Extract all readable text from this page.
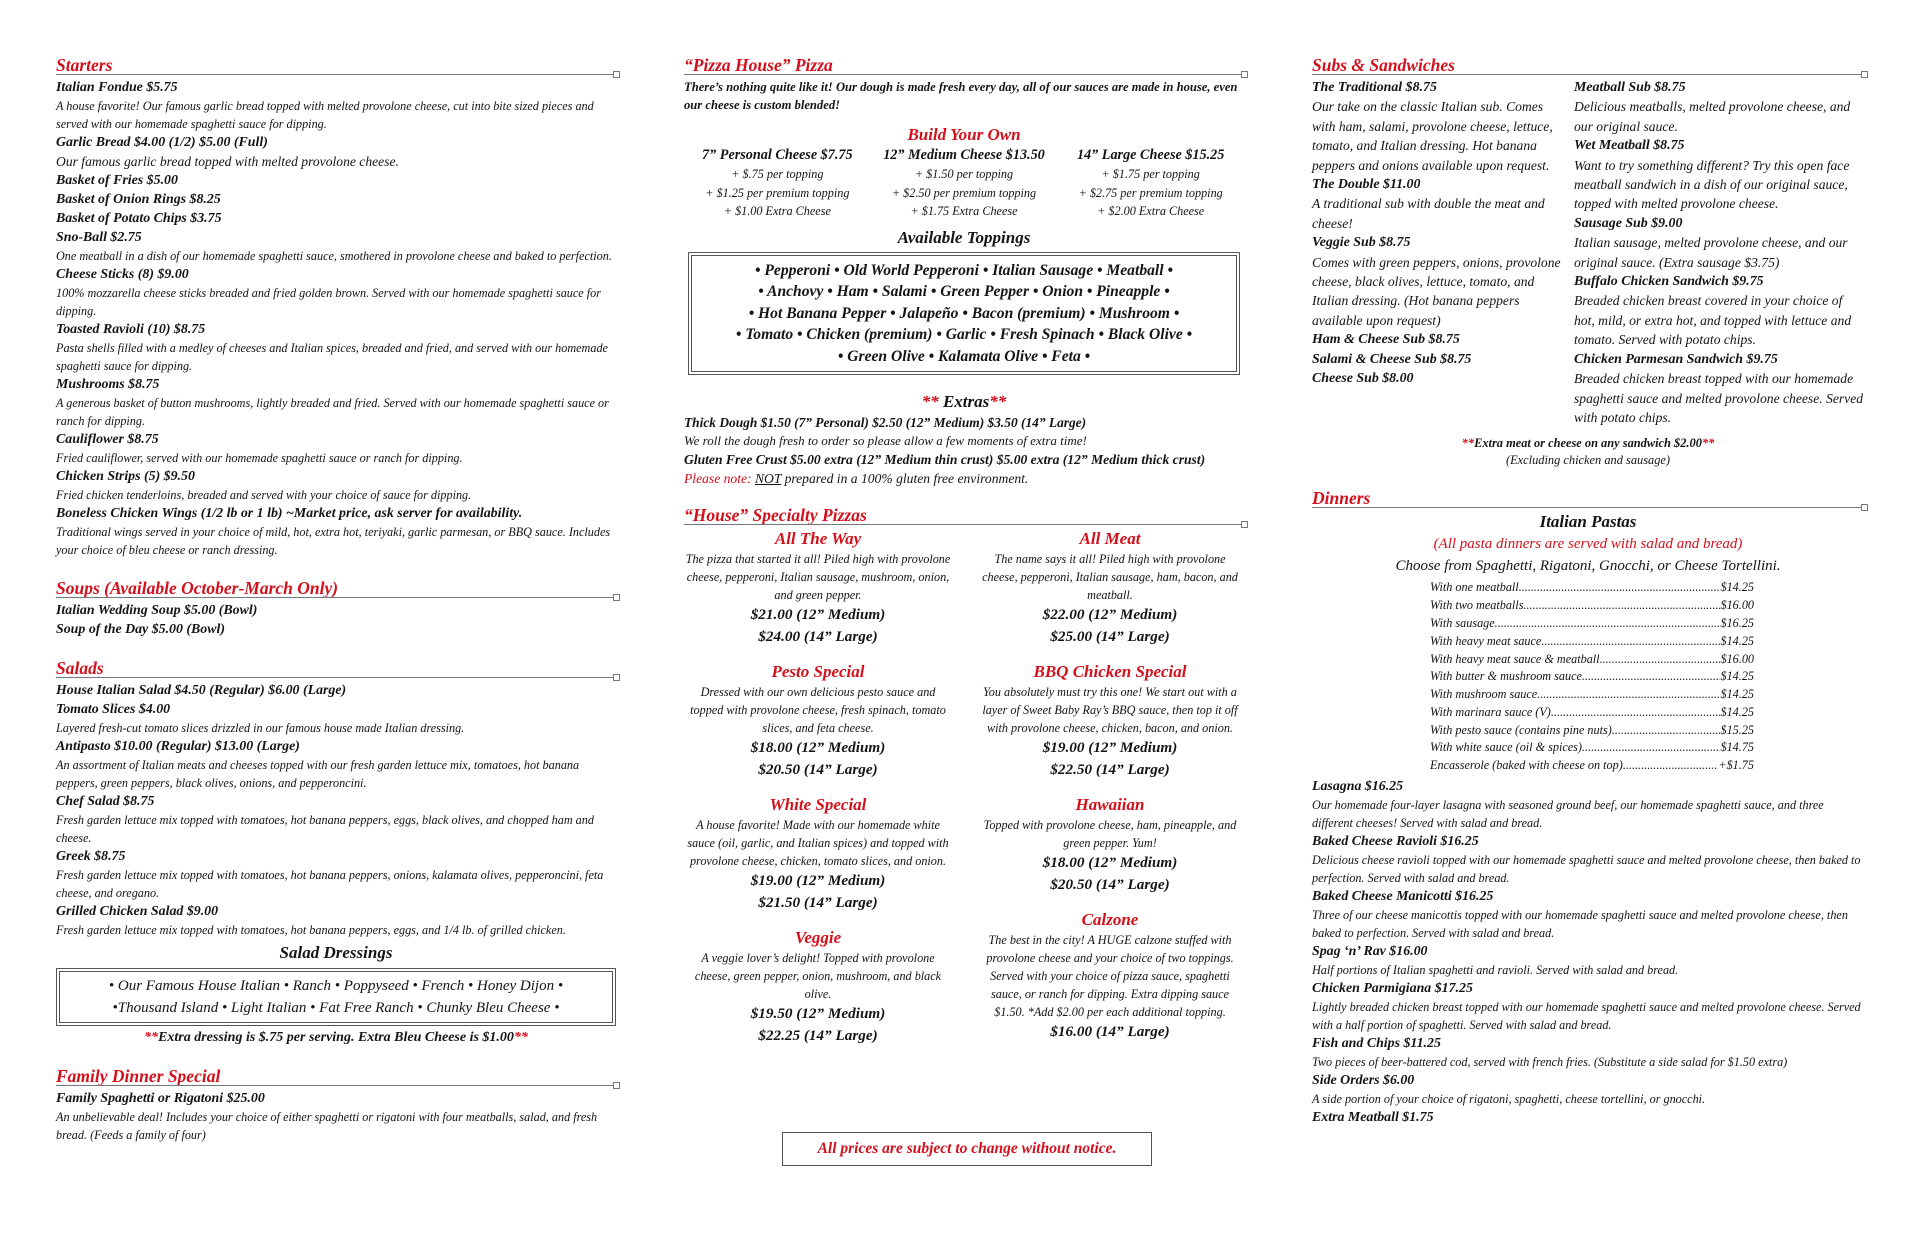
Starters
Italian Fondue $5.75
A house favorite! Our famous garlic bread topped with melted provolone cheese, cut into bite sized pieces and served with our homemade spaghetti sauce for dipping.
Garlic Bread $4.00 (1/2) $5.00 (Full)
Our famous garlic bread topped with melted provolone cheese.
Basket of Fries $5.00
Basket of Onion Rings $8.25
Basket of Potato Chips $3.75
Sno-Ball $2.75
One meatball in a dish of our homemade spaghetti sauce, smothered in provolone cheese and baked to perfection.
Cheese Sticks (8) $9.00
100% mozzarella cheese sticks breaded and fried golden brown. Served with our homemade spaghetti sauce for dipping.
Toasted Ravioli (10) $8.75
Pasta shells filled with a medley of cheeses and Italian spices, breaded and fried, and served with our homemade spaghetti sauce for dipping.
Mushrooms $8.75
A generous basket of button mushrooms, lightly breaded and fried. Served with our homemade spaghetti sauce or ranch for dipping.
Cauliflower $8.75
Fried cauliflower, served with our homemade spaghetti sauce or ranch for dipping.
Chicken Strips (5) $9.50
Fried chicken tenderloins, breaded and served with your choice of sauce for dipping.
Boneless Chicken Wings (1/2 lb or 1 lb) ~Market price, ask server for availability.
Traditional wings served in your choice of mild, hot, extra hot, teriyaki, garlic parmesan, or BBQ sauce. Includes your choice of bleu cheese or ranch dressing.
Soups (Available October-March Only)
Italian Wedding Soup $5.00 (Bowl)
Soup of the Day $5.00 (Bowl)
Salads
House Italian Salad $4.50 (Regular) $6.00 (Large)
Tomato Slices $4.00
Layered fresh-cut tomato slices drizzled in our famous house made Italian dressing.
Antipasto $10.00 (Regular) $13.00 (Large)
An assortment of Italian meats and cheeses topped with our fresh garden lettuce mix, tomatoes, hot banana peppers, green peppers, black olives, onions, and pepperoncini.
Chef Salad $8.75
Fresh garden lettuce mix topped with tomatoes, hot banana peppers, eggs, black olives, and chopped ham and cheese.
Greek $8.75
Fresh garden lettuce mix topped with tomatoes, hot banana peppers, onions, kalamata olives, pepperoncini, feta cheese, and oregano.
Grilled Chicken Salad $9.00
Fresh garden lettuce mix topped with tomatoes, hot banana peppers, eggs, and 1/4 lb. of grilled chicken.
Salad Dressings
• Our Famous House Italian • Ranch • Poppyseed • French • Honey Dijon •
•Thousand Island • Light Italian • Fat Free Ranch • Chunky Bleu Cheese •
**Extra dressing is $.75 per serving. Extra Bleu Cheese is $1.00**
Family Dinner Special
Family Spaghetti or Rigatoni $25.00
An unbelievable deal! Includes your choice of either spaghetti or rigatoni with four meatballs, salad, and fresh bread. (Feeds a family of four)
“Pizza House” Pizza
There’s nothing quite like it! Our dough is made fresh every day, all of our sauces are made in house, even our cheese is custom blended!
Build Your Own
7” Personal Cheese $7.75
+ $.75 per topping
+ $1.25 per premium topping
+ $1.00 Extra Cheese
12” Medium Cheese $13.50
+ $1.50 per topping
+ $2.50 per premium topping
+ $1.75 Extra Cheese
14” Large Cheese $15.25
+ $1.75 per topping
+ $2.75 per premium topping
+ $2.00 Extra Cheese
Available Toppings
• Pepperoni • Old World Pepperoni • Italian Sausage • Meatball •
• Anchovy • Ham • Salami • Green Pepper • Onion • Pineapple •
• Hot Banana Pepper • Jalapeño • Bacon (premium) • Mushroom •
• Tomato • Chicken (premium) • Garlic • Fresh Spinach • Black Olive •
• Green Olive • Kalamata Olive • Feta •
** Extras**
Thick Dough $1.50 (7” Personal) $2.50 (12” Medium) $3.50 (14” Large)
We roll the dough fresh to order so please allow a few moments of extra time!
Gluten Free Crust $5.00 extra (12” Medium thin crust) $5.00 extra (12” Medium thick crust) Please note: NOT prepared in a 100% gluten free environment.
“House” Specialty Pizzas
All The Way
The pizza that started it all! Piled high with provolone cheese, pepperoni, Italian sausage, mushroom, onion, and green pepper.
$21.00 (12” Medium)
$24.00 (14” Large)
Pesto Special
Dressed with our own delicious pesto sauce and topped with provolone cheese, fresh spinach, tomato slices, and feta cheese.
$18.00 (12” Medium)
$20.50 (14” Large)
White Special
A house favorite! Made with our homemade white sauce (oil, garlic, and Italian spices) and topped with provolone cheese, chicken, tomato slices, and onion.
$19.00 (12” Medium)
$21.50 (14” Large)
Veggie
A veggie lover’s delight! Topped with provolone cheese, green pepper, onion, mushroom, and black olive.
$19.50 (12” Medium)
$22.25 (14” Large)
All Meat
The name says it all! Piled high with provolone cheese, pepperoni, Italian sausage, ham, bacon, and meatball.
$22.00 (12” Medium)
$25.00 (14” Large)
BBQ Chicken Special
You absolutely must try this one! We start out with a layer of Sweet Baby Ray’s BBQ sauce, then top it off with provolone cheese, chicken, bacon, and onion.
$19.00 (12” Medium)
$22.50 (14” Large)
Hawaiian
Topped with provolone cheese, ham, pineapple, and green pepper. Yum!
$18.00 (12” Medium)
$20.50 (14” Large)
Calzone
The best in the city! A HUGE calzone stuffed with provolone cheese and your choice of two toppings. Served with your choice of pizza sauce, spaghetti sauce, or ranch for dipping. Extra dipping sauce $1.50. *Add $2.00 per each additional topping.
$16.00 (14” Large)
All prices are subject to change without notice.
Subs & Sandwiches
The Traditional $8.75
Our take on the classic Italian sub. Comes with ham, salami, provolone cheese, lettuce, tomato, and Italian dressing. Hot banana peppers and onions available upon request.
The Double $11.00
A traditional sub with double the meat and cheese!
Veggie Sub $8.75
Comes with green peppers, onions, provolone cheese, black olives, lettuce, tomato, and Italian dressing. (Hot banana peppers available upon request)
Ham & Cheese Sub $8.75
Salami & Cheese Sub $8.75
Cheese Sub $8.00
Meatball Sub $8.75
Delicious meatballs, melted provolone cheese, and our original sauce.
Wet Meatball $8.75
Want to try something different? Try this open face meatball sandwich in a dish of our original sauce, topped with melted provolone cheese.
Sausage Sub $9.00
Italian sausage, melted provolone cheese, and our original sauce. (Extra sausage $3.75)
Buffalo Chicken Sandwich $9.75
Breaded chicken breast covered in your choice of hot, mild, or extra hot, and topped with lettuce and tomato. Served with potato chips.
Chicken Parmesan Sandwich $9.75
Breaded chicken breast topped with our homemade spaghetti sauce and melted provolone cheese. Served with potato chips.
**Extra meat or cheese on any sandwich $2.00**
(Excluding chicken and sausage)
Dinners
Italian Pastas
(All pasta dinners are served with salad and bread)
Choose from Spaghetti, Rigatoni, Gnocchi, or Cheese Tortellini.
With one meatball .....	$14.25
With two meatballs .....	$16.00
With sausage .....	$16.25
With heavy meat sauce .....	$14.25
With heavy meat sauce & meatball .....	$16.00
With butter & mushroom sauce .....	$14.25
With mushroom sauce .....	$14.25
With marinara sauce (V) .....	$14.25
With pesto sauce (contains pine nuts) .....	$15.25
With white sauce (oil & spices) .....	$14.75
Encasserole (baked with cheese on top) .....	+$1.75
Lasagna $16.25
Our homemade four-layer lasagna with seasoned ground beef, our homemade spaghetti sauce, and three different cheeses! Served with salad and bread.
Baked Cheese Ravioli $16.25
Delicious cheese ravioli topped with our homemade spaghetti sauce and melted provolone cheese, then baked to perfection. Served with salad and bread.
Baked Cheese Manicotti $16.25
Three of our cheese manicottis topped with our homemade spaghetti sauce and melted provolone cheese, then baked to perfection. Served with salad and bread.
Spag ‘n’ Rav $16.00
Half portions of Italian spaghetti and ravioli. Served with salad and bread.
Chicken Parmigiana $17.25
Lightly breaded chicken breast topped with our homemade spaghetti sauce and melted provolone cheese. Served with a half portion of spaghetti. Served with salad and bread.
Fish and Chips $11.25
Two pieces of beer-battered cod, served with french fries. (Substitute a side salad for $1.50 extra)
Side Orders $6.00
A side portion of your choice of rigatoni, spaghetti, cheese tortellini, or gnocchi.
Extra Meatball $1.75
